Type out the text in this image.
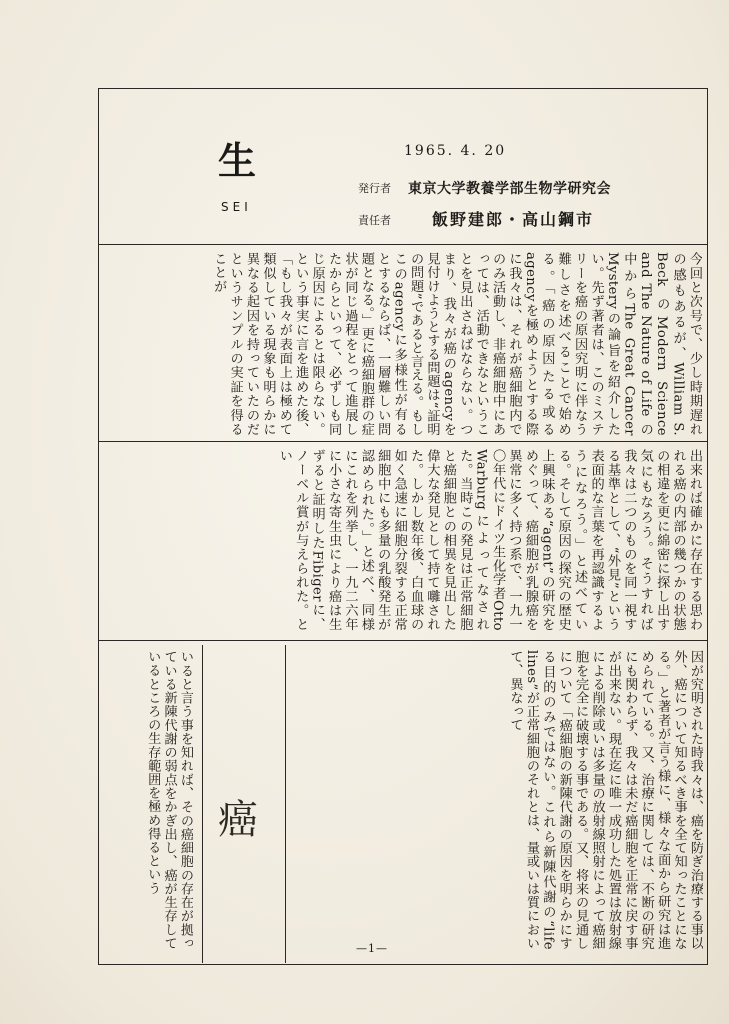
生
SEI
1965. 4. 20
発行者 東京大学教養学部生物学研究会
責任者	飯野建郎・高山鋼市
今回と次号で、少し時期遅れの感もあるが、William S. Beck のModern Science and The Nature of Life の中からThe Great Cancer Mysteryの論旨を紹介したい。先ず著者は、このミステリーを癌の原因究明に伴なう難しさを述べることで始める。「癌の原因たる或るagencyを極めようとする際に我々は、それが癌細胞内でのみ活動し、非癌細胞中にあっては、活動できなということを見出さねばならない。つまり、我々が癌のagencyを見付けようとする問題は“証明の問題”であると言える。もしこのagencyに多様性が有るとするならば、一層難しい問題となる。」更に癌細胞群の症状が同じ過程をとって進展したからといって、必ずしも同じ原因によるとは限らない。という事実に言を進めた後、「もし我々が表面上は極めて類似している現象も明らかに異なる起因を持っていたのだというサンプルの実証を得ることが
出来れば確かに存在する思われる癌の内部の幾つかの状態の相違を更に綿密に探し出す気にもなろう。そうすれば我々は二つのものを同一視する基準として、“外見”という表面的な言葉を再認識するようになろう。」と述べている。そして原因の探究の歴史上興味ある“agent”の研究をめぐって、癌細胞が乳腺癌を異常に多く持つ系で、一九一〇年代にドイツ生化学者Otto Warburgによってなされた。当時この発見は正常細胞と癌細胞との相異を見出した偉大な発見として持て囃された。しかし数年後、白血球の如く急速に細胞分裂する正常細胞中にも多量の乳酸発生が認められた。」と述べ、同様にこれを列挙し、一九二六年に小さな寄生虫により癌は生ずると証明したFibigerに、ノーベル賞が与えられた。とい
因が究明された時我々は、癌を防ぎ治療する事以外、癌について知るべき事を全て知ったことになる。」と著者が言う様に、様々な面から研究は進められている。又、治療に関しては、不断の研究にも関わらず、我々は未だ癌細胞を正常に戻す事が出来ない。現在迄に唯一成功した処置は放射線による削除或いは多量の放射線照射によって癌細胞を完全に破壊する事である。又、将来の見通しについて「癌細胞の新陳代謝の原因を明らかにする目的のみではない。これら新陳代謝の“life lines”が正常細胞のそれとは、量或いは質において、異なって
いると言う事を知れば、その癌細胞の存在が拠っている新陳代謝の弱点をかぎ出し、癌が生存しているところの生存範囲を極め得るという	癌
—1—
